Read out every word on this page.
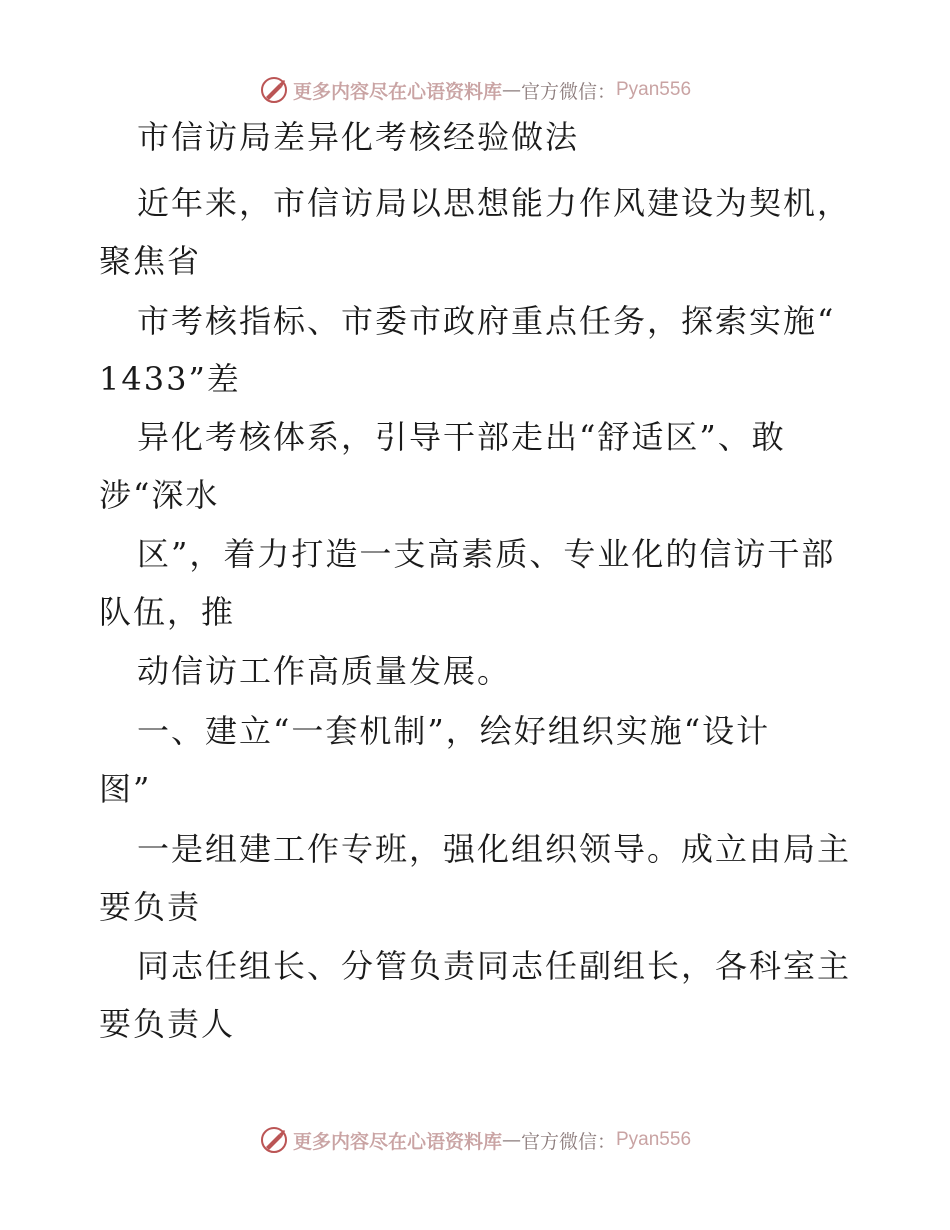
更多内容尽在心语资料库 — 官方微信： Pyan556
市信访局差异化考核经验做法
近年来，市信访局以思想能力作风建设为契机，
聚焦省
市考核指标、市委市政府重点任务，探索实施“
1433”差
异化考核体系，引导干部走出“舒适区”、敢
涉“深水
区”，着力打造一支高素质、专业化的信访干部
队伍，推
动信访工作高质量发展。
一、建立“一套机制”，绘好组织实施“设计
图”
一是组建工作专班，强化组织领导。成立由局主
要负责
同志任组长、分管负责同志任副组长，各科室主
要负责人
更多内容尽在心语资料库 — 官方微信： Pyan556
